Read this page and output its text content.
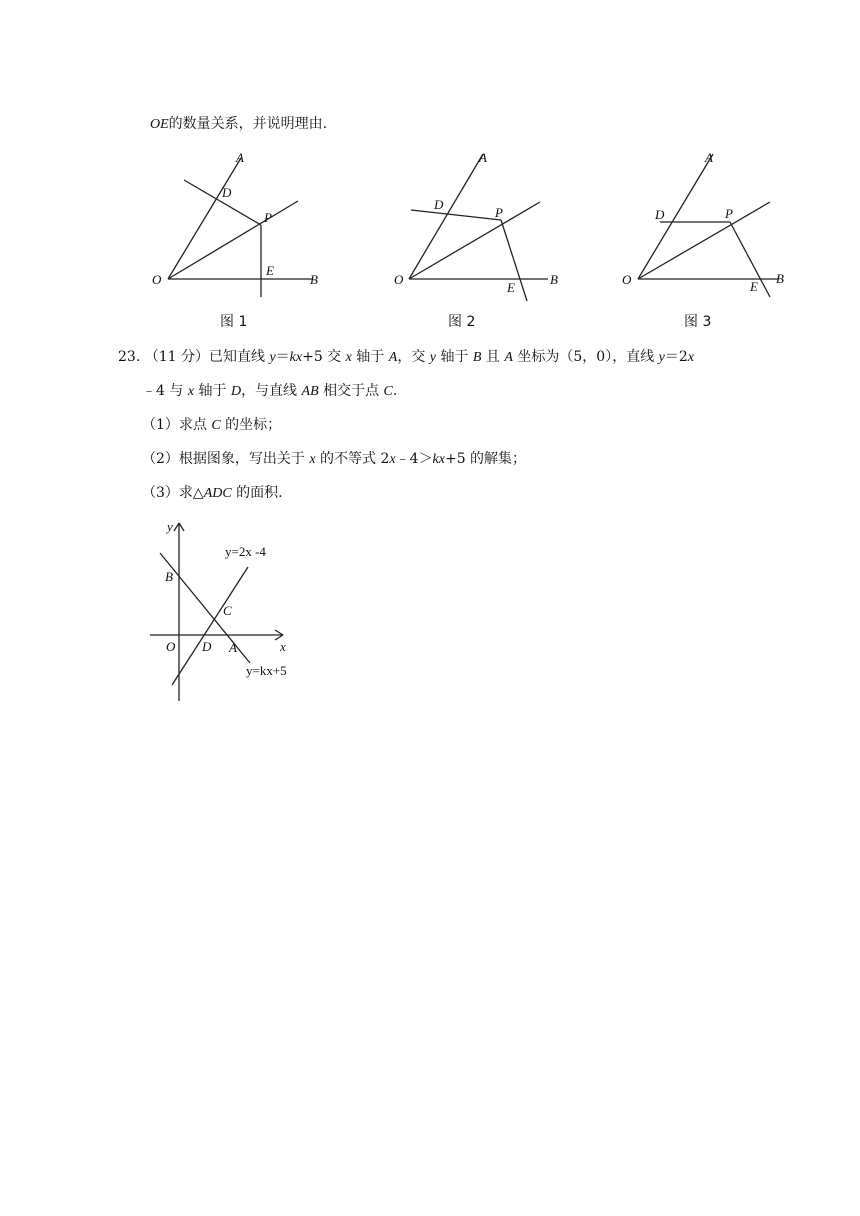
OE的数量关系，并说明理由.
A
D
P
E
O	B
图 1
A
D
P
O	B
E
图 2
A
D	P
O	B
E
图 3
23. （11 分）已知直线 y＝kx+5 交 x 轴于 A，交 y 轴于 B 且 A 坐标为（5，0），直线 y＝2x
﹣4 与 x 轴于 D，与直线 AB 相交于点 C.
（1）求点 C 的坐标；
（2）根据图象，写出关于 x 的不等式 2x﹣4＞kx+5 的解集；
（3）求△ADC 的面积.
y
B
C
O D A	x
y=2x -4
y=kx+5
